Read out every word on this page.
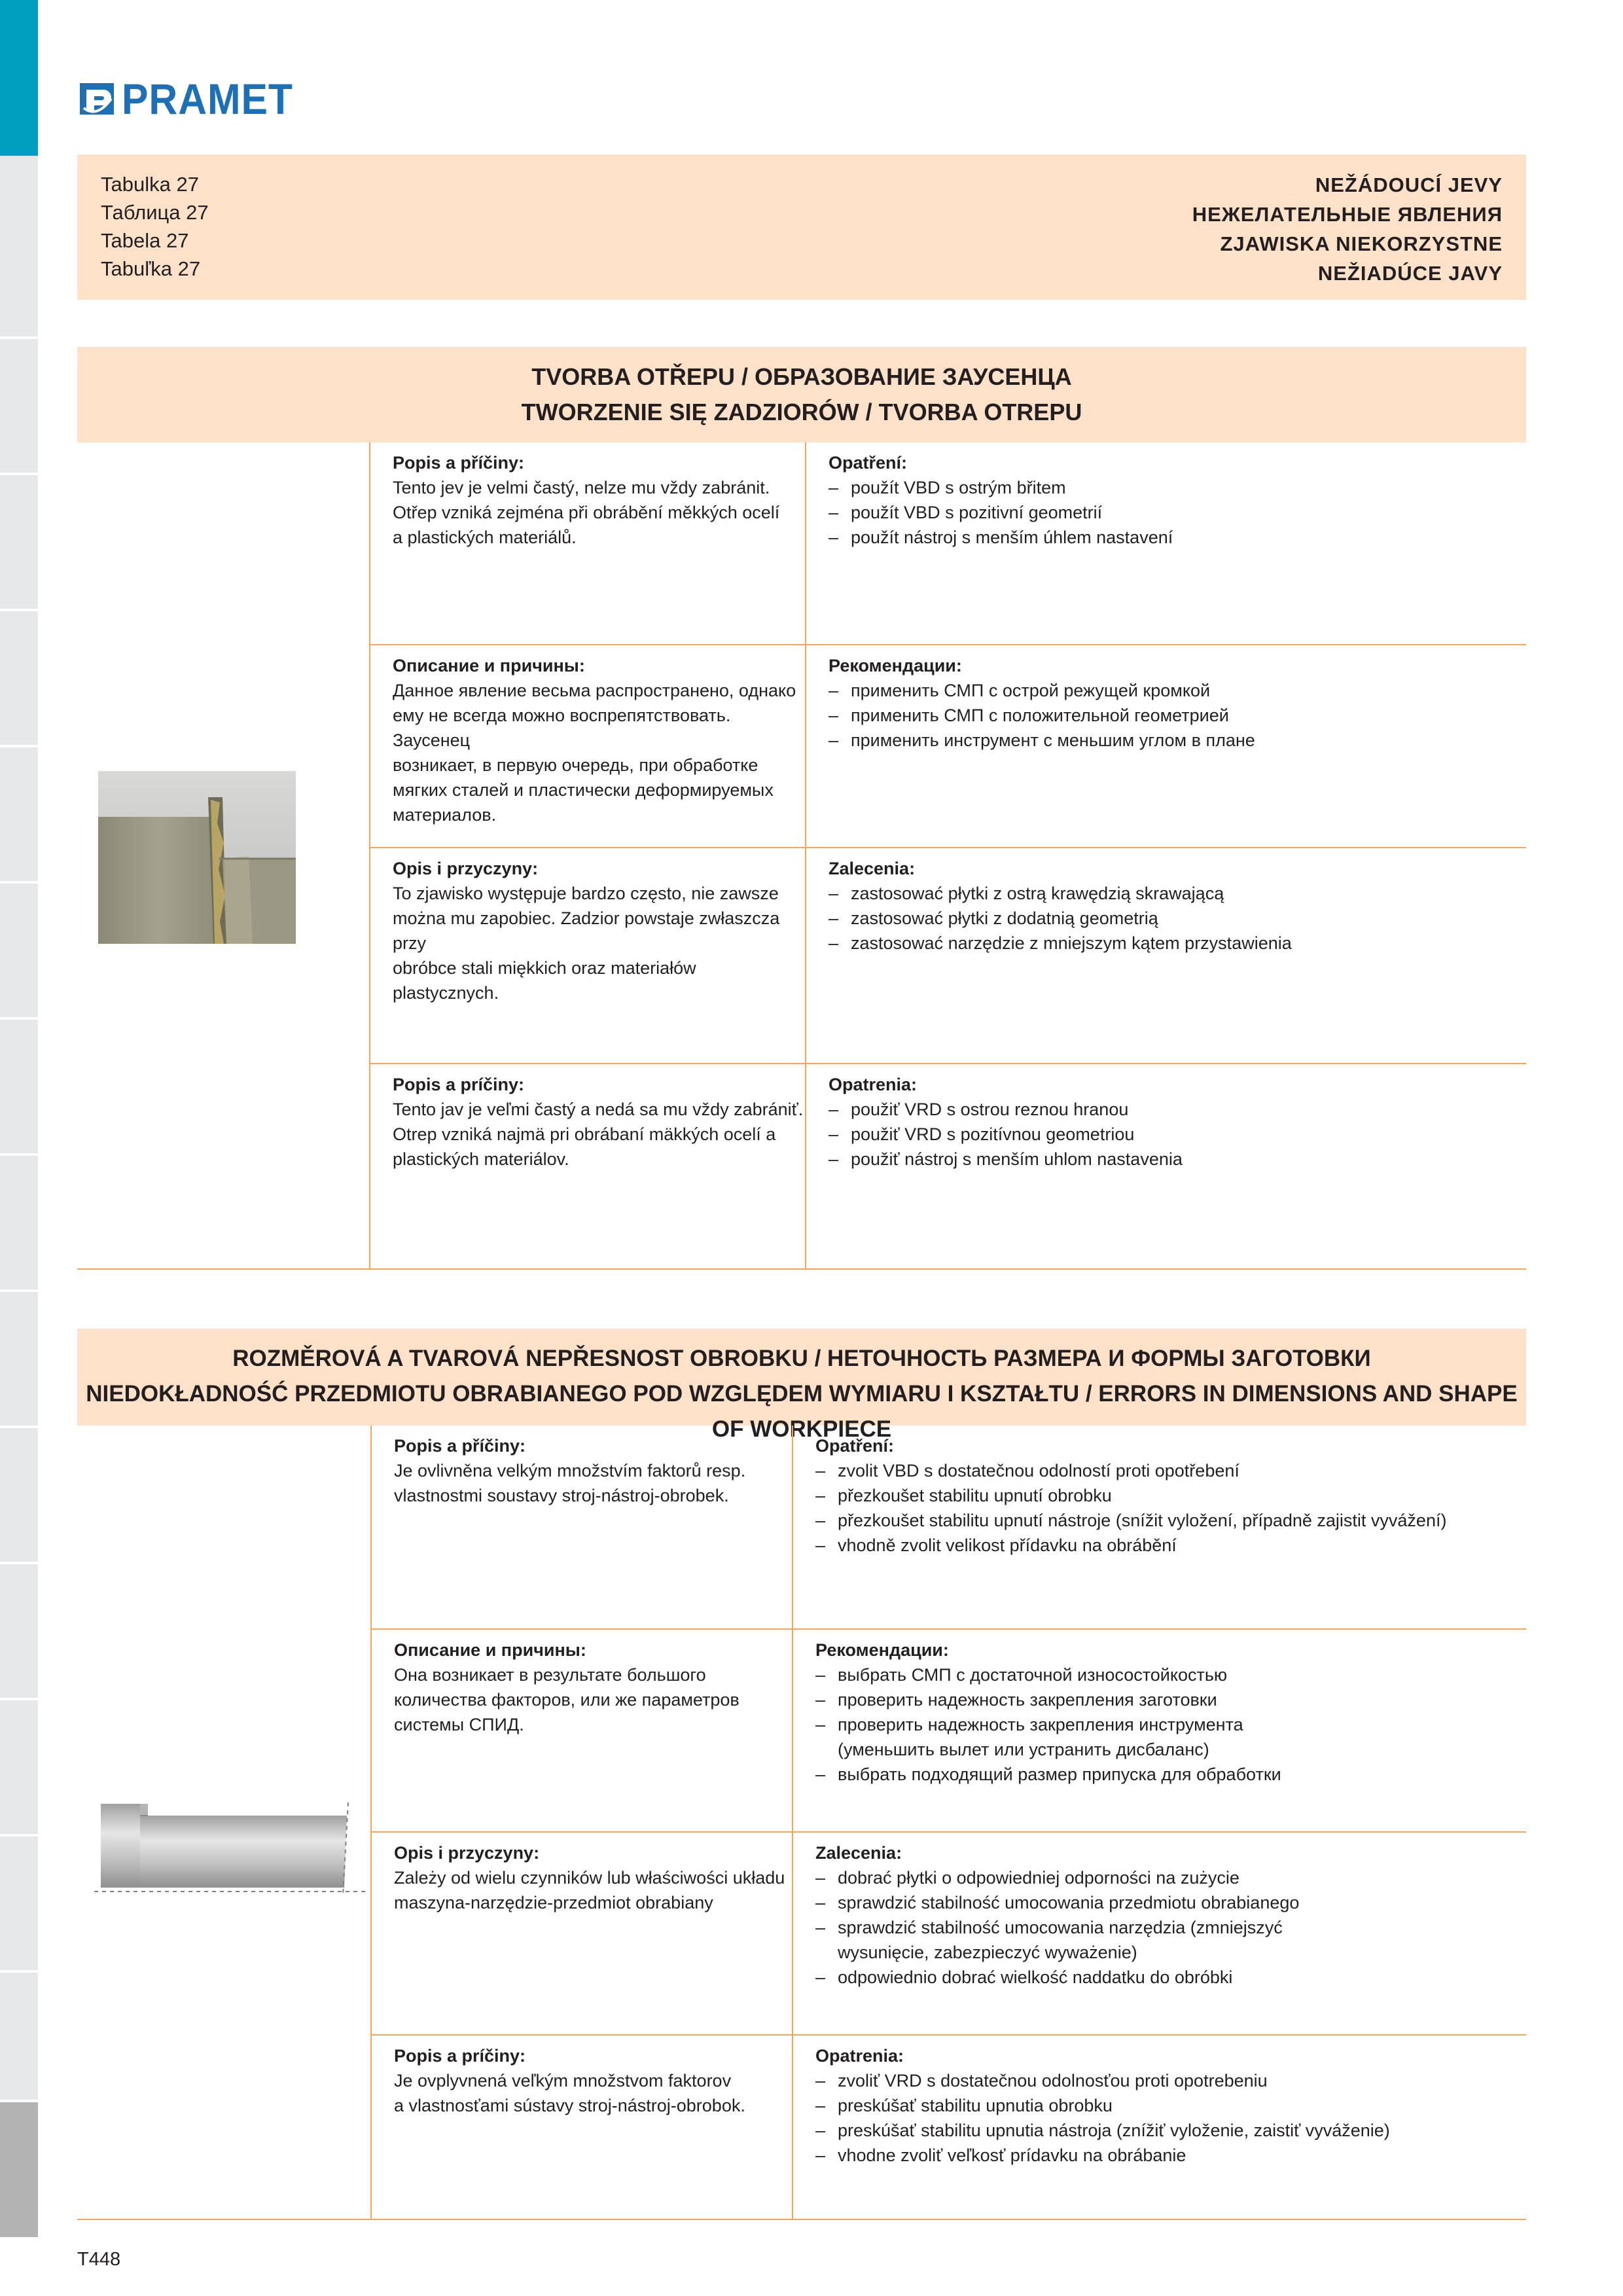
PRAMET
Tabulka 27
Таблица 27
Tabela 27
Tabuľka 27
NEŽÁDOUCÍ JEVY
НЕЖЕЛАТЕЛЬНЫЕ ЯВЛЕНИЯ
ZJAWISKA NIEKORZYSTNE
NEŽIADÚCE JAVY
TVORBA OTŘEPU / ОБРАЗОВАНИЕ ЗАУСЕНЦА
TWORZENIE SIĘ ZADZIORÓW / TVORBA OTREPU
Popis a příčiny:
Tento jev je velmi častý, nelze mu vždy zabránit.
Otřep vzniká zejména při obrábění měkkých ocelí
a plastických materiálů.
Opatření:
– použít VBD s ostrým břitem
– použít VBD s pozitivní geometrií
– použít nástroj s menším úhlem nastavení
Описание и причины:
Данное явление весьма распространено, однако
ему не всегда можно воспрепятствовать. Заусенец
возникает, в первую очередь, при обработке
мягких сталей и пластически деформируемых
материалов.
Рекомендации:
– применить СМП с острой режущей кромкой
– применить СМП с положительной геометрией
– применить инструмент с меньшим углом в плане
Opis i przyczyny:
To zjawisko występuje bardzo często, nie zawsze
można mu zapobiec. Zadzior powstaje zwłaszcza przy
obróbce stali miękkich oraz materiałów plastycznych.
Zalecenia:
– zastosować płytki z ostrą krawędzią skrawającą
– zastosować płytki z dodatnią geometrią
– zastosować narzędzie z mniejszym kątem przystawienia
Popis a príčiny:
Tento jav je veľmi častý a nedá sa mu vždy zabrániť.
Otrep vzniká najmä pri obrábaní mäkkých ocelí a
plastických materiálov.
Opatrenia:
– použiť VRD s ostrou reznou hranou
– použiť VRD s pozitívnou geometriou
– použiť nástroj s menším uhlom nastavenia
ROZMĚROVÁ A TVAROVÁ NEPŘESNOST OBROBKU / НЕТОЧНОСТЬ РАЗМЕРА И ФОРМЫ ЗАГОТОВКИ
NIEDOKŁADNOŚĆ PRZEDMIOTU OBRABIANEGO POD WZGLĘDEM WYMIARU I KSZTAŁTU / ERRORS IN DIMENSIONS AND SHAPE OF WORKPIECE
Popis a příčiny:
Je ovlivněna velkým množstvím faktorů resp.
vlastnostmi soustavy stroj-nástroj-obrobek.
Opatření:
– zvolit VBD s dostatečnou odolností proti opotřebení
– přezkoušet stabilitu upnutí obrobku
– přezkoušet stabilitu upnutí nástroje (snížit vyložení, případně zajistit vyvážení)
– vhodně zvolit velikost přídavku na obrábění
Описание и причины:
Она возникает в результате большого
количества факторов, или же параметров
системы СПИД.
Рекомендации:
– выбрать СМП с достаточной износостойкостью
– проверить надежность закрепления заготовки
– проверить надежность закрепления инструмента (уменьшить вылет или устранить дисбаланс)
– выбрать подходящий размер припуска для обработки
Opis i przyczyny:
Zależy od wielu czynników lub właściwości układu
maszyna-narzędzie-przedmiot obrabiany
Zalecenia:
– dobrać płytki o odpowiedniej odporności na zużycie
– sprawdzić stabilność umocowania przedmiotu obrabianego
– sprawdzić stabilność umocowania narzędzia (zmniejszyć wysunięcie, zabezpieczyć wyważenie)
– odpowiednio dobrać wielkość naddatku do obróbki
Popis a príčiny:
Je ovplyvnená veľkým množstvom faktorov
a vlastnosťami sústavy stroj-nástroj-obrobok.
Opatrenia:
– zvoliť VRD s dostatečnou odolnosťou proti opotrebeniu
– preskúšať stabilitu upnutia obrobku
– preskúšať stabilitu upnutia nástroja (znížiť vyloženie, zaistiť vyváženie)
– vhodne zvoliť veľkosť prídavku na obrábanie
T448
